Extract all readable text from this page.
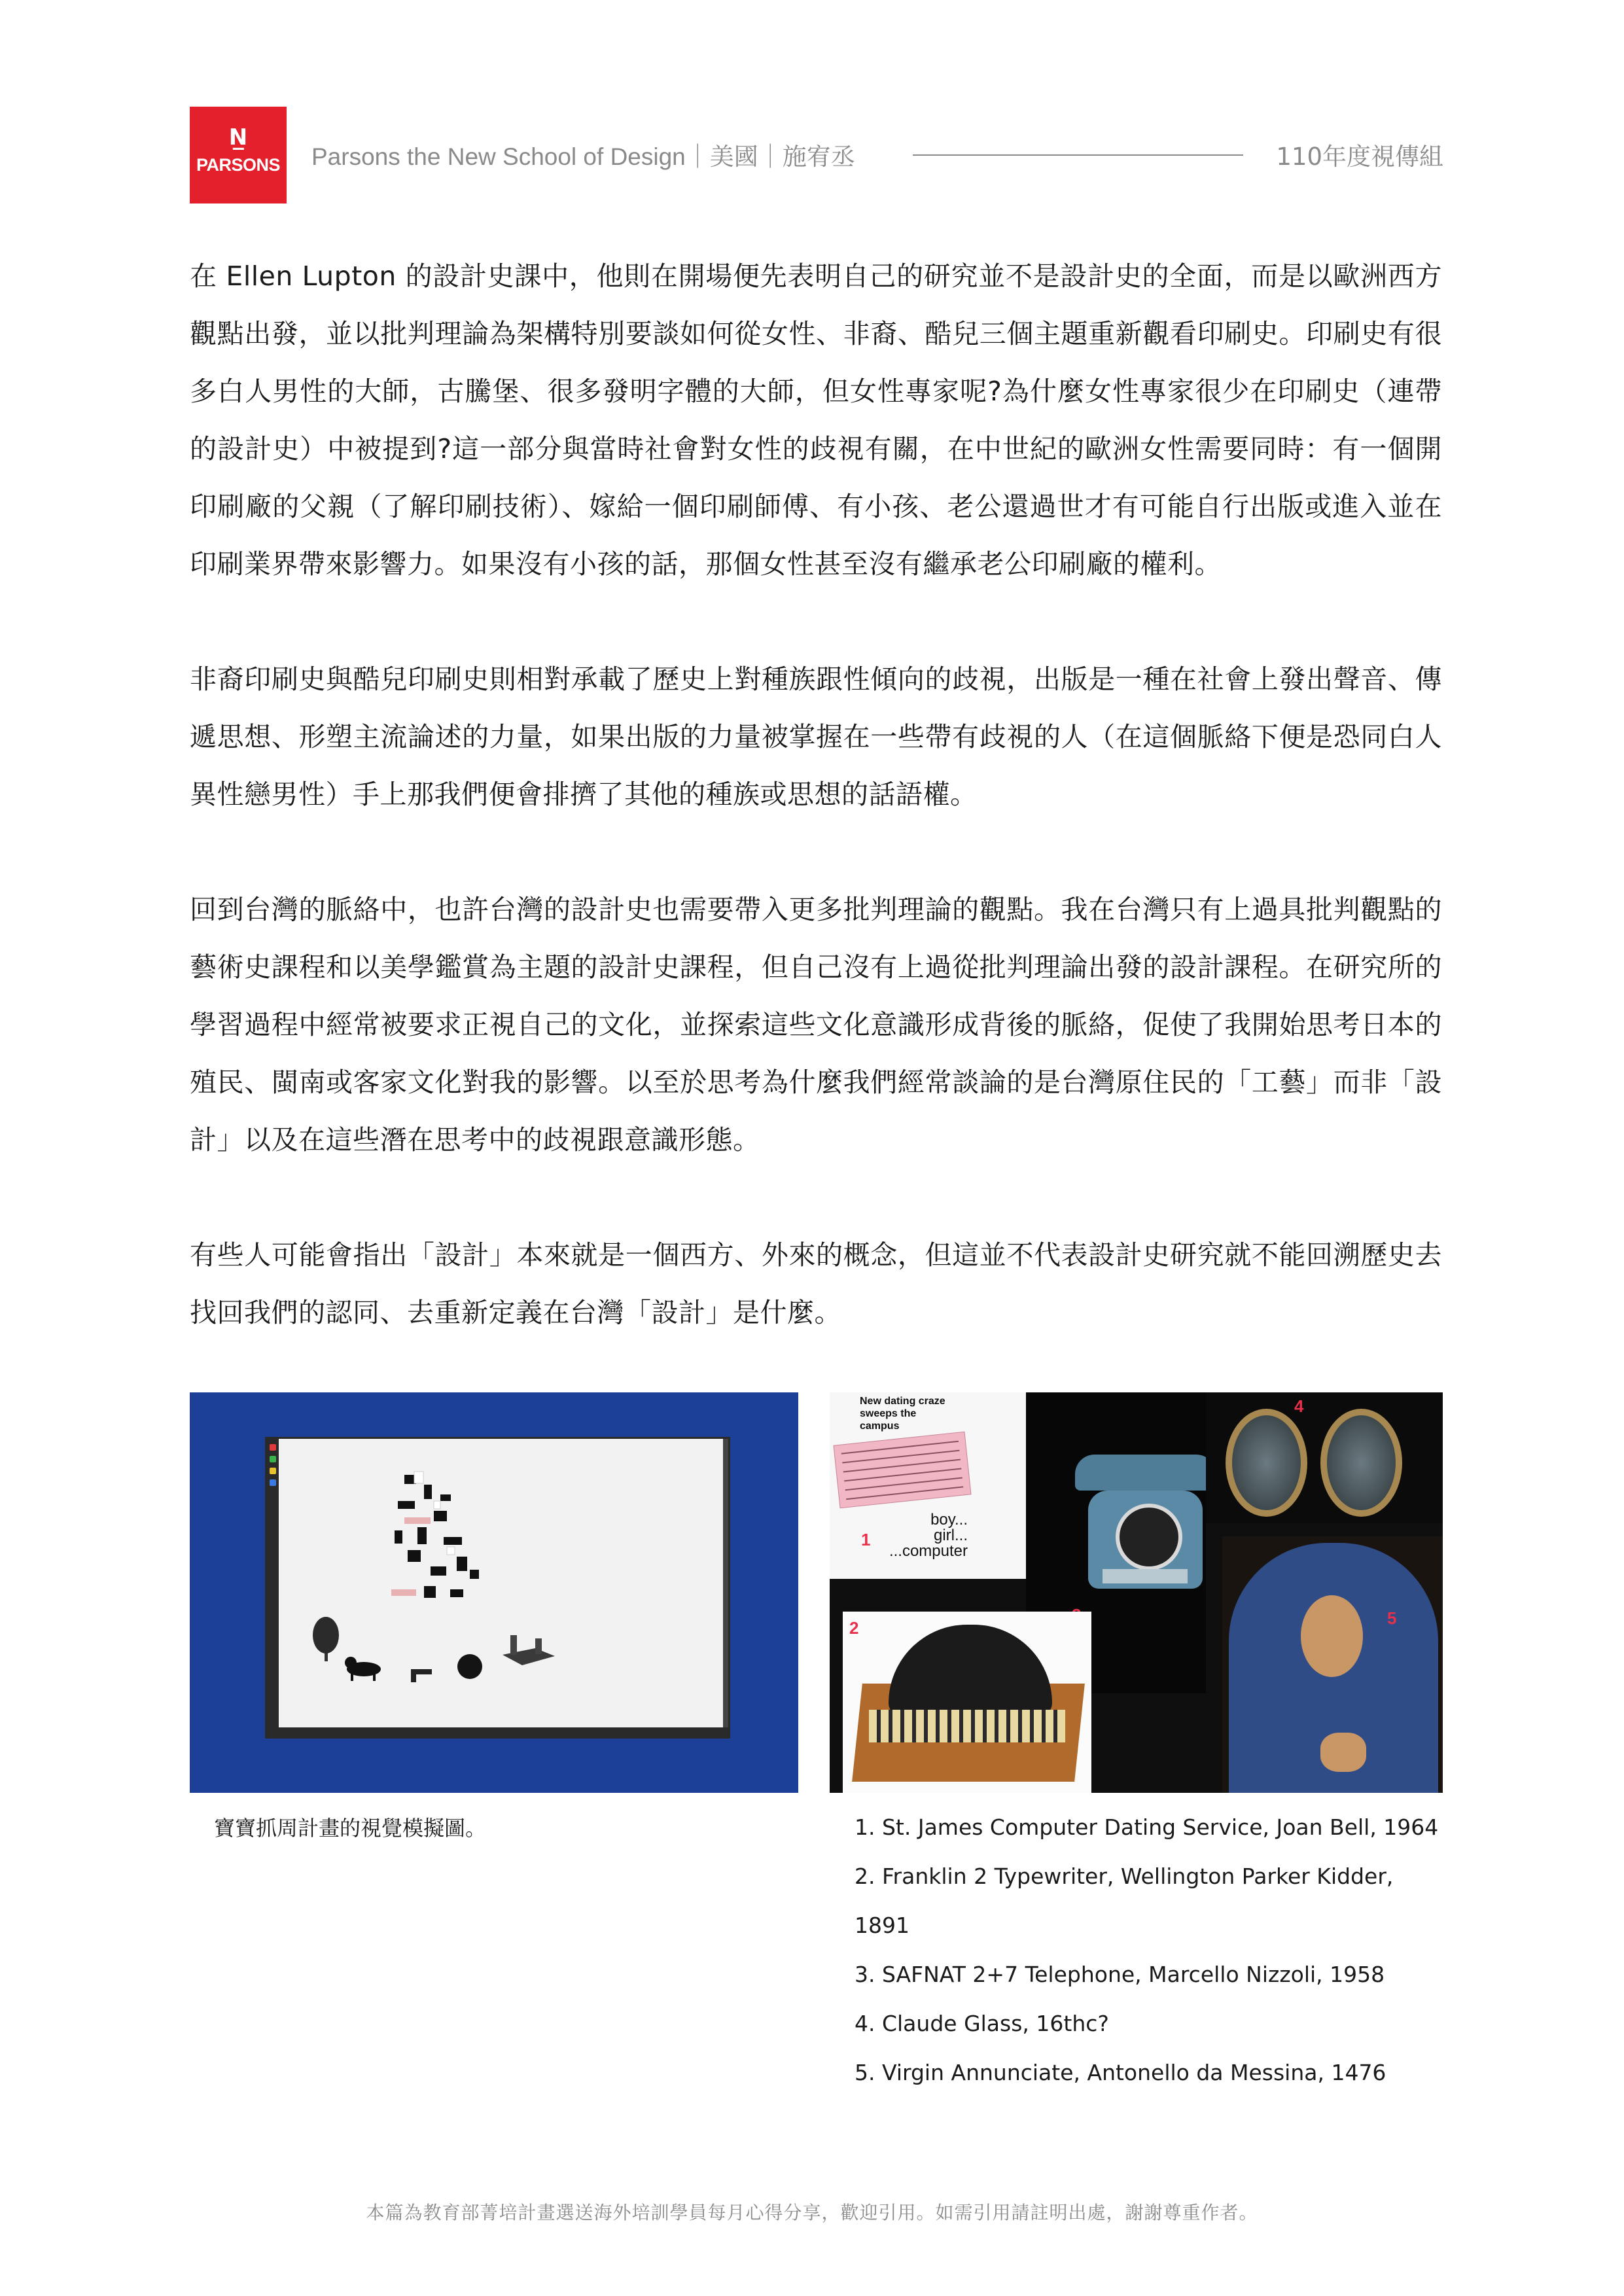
N̲
PARSONS Parsons the New School of Design｜美國｜施宥丞	110年度視傳組

在 Ellen Lupton 的設計史課中，他則在開場便先表明自己的研究並不是設計史的全面，而是以歐洲西方觀點出發，並以批判理論為架構特別要談如何從女性、非裔、酷兒三個主題重新觀看印刷史。印刷史有很多白人男性的大師，古騰堡、很多發明字體的大師，但女性專家呢?為什麼女性專家很少在印刷史（連帶的設計史）中被提到?這一部分與當時社會對女性的歧視有關，在中世紀的歐洲女性需要同時：有一個開印刷廠的父親（了解印刷技術）、嫁給一個印刷師傅、有小孩、老公還過世才有可能自行出版或進入並在印刷業界帶來影響力。如果沒有小孩的話，那個女性甚至沒有繼承老公印刷廠的權利。

非裔印刷史與酷兒印刷史則相對承載了歷史上對種族跟性傾向的歧視，出版是一種在社會上發出聲音、傳遞思想、形塑主流論述的力量，如果出版的力量被掌握在一些帶有歧視的人（在這個脈絡下便是恐同白人異性戀男性）手上那我們便會排擠了其他的種族或思想的話語權。

回到台灣的脈絡中，也許台灣的設計史也需要帶入更多批判理論的觀點。我在台灣只有上過具批判觀點的藝術史課程和以美學鑑賞為主題的設計史課程，但自己沒有上過從批判理論出發的設計課程。在研究所的學習過程中經常被要求正視自己的文化，並探索這些文化意識形成背後的脈絡，促使了我開始思考日本的殖民、閩南或客家文化對我的影響。以至於思考為什麼我們經常談論的是台灣原住民的「工藝」而非「設計」以及在這些潛在思考中的歧視跟意識形態。

有些人可能會指出「設計」本來就是一個西方、外來的概念，但這並不代表設計史研究就不能回溯歷史去找回我們的認同、去重新定義在台灣「設計」是什麼。

New dating craze sweeps the campus

boy...
girl...
...computer
1
4
2	5
寶寶抓周計畫的視覺模擬圖。	1. St. James Computer Dating Service, Joan Bell, 1964
2. Franklin 2 Typewriter, Wellington Parker Kidder,
1891
3. SAFNAT 2+7 Telephone, Marcello Nizzoli, 1958
4. Claude Glass, 16thc?
5. Virgin Annunciate, Antonello da Messina, 1476
本篇為教育部菁培計畫選送海外培訓學員每月心得分享，歡迎引用。如需引用請註明出處，謝謝尊重作者。
